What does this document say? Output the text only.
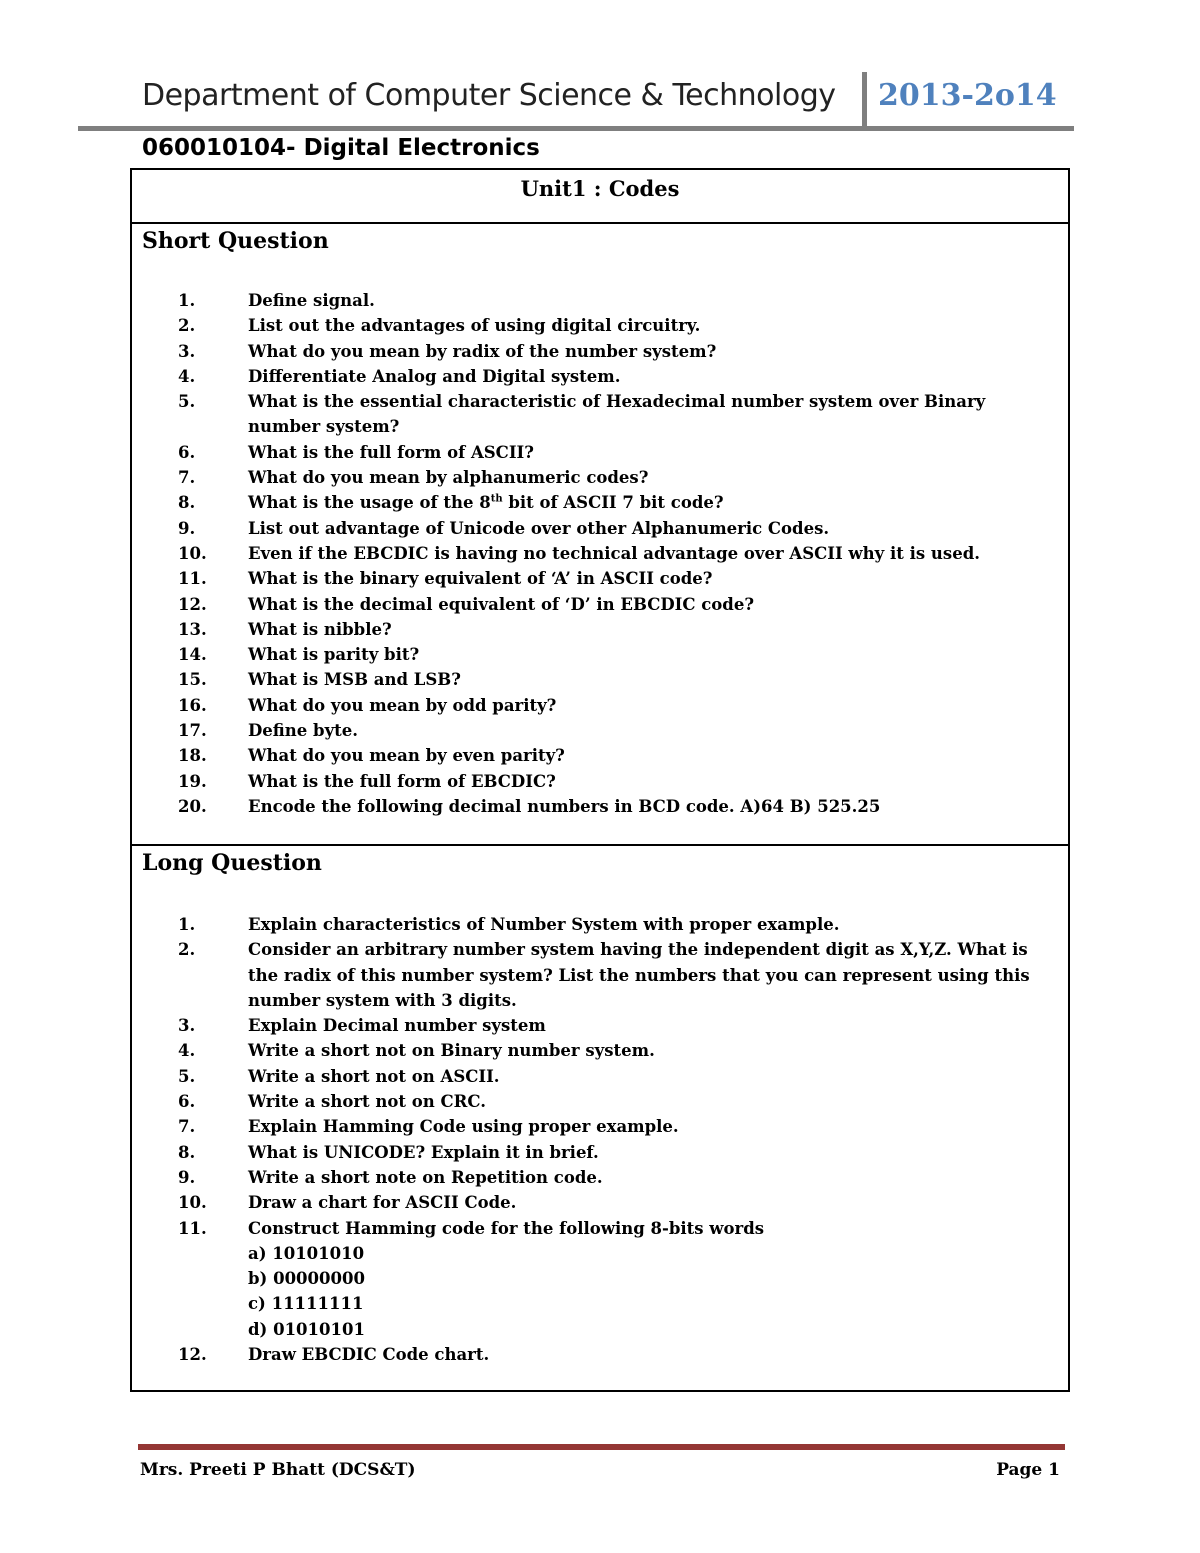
Department of Computer Science & Technology 2013-2o14
060010104- Digital Electronics
Unit1 : Codes
Short Question
1.	Define signal.
2.	List out the advantages of using digital circuitry.
3.	What do you mean by radix of the number system?
4.	Differentiate Analog and Digital system.
5.	What is the essential characteristic of Hexadecimal number system over Binary number system?
6.	What is the full form of ASCII?
7.	What do you mean by alphanumeric codes?
8.	What is the usage of the 8th bit of ASCII 7 bit code?
9.	List out advantage of Unicode over other Alphanumeric Codes.
10.	Even if the EBCDIC is having no technical advantage over ASCII why it is used.
11.	What is the binary equivalent of ‘A’ in ASCII code?
12.	What is the decimal equivalent of ‘D’ in EBCDIC code?
13.	What is nibble?
14.	What is parity bit?
15.	What is MSB and LSB?
16.	What do you mean by odd parity?
17.	Define byte.
18.	What do you mean by even parity?
19.	What is the full form of EBCDIC?
20.	Encode the following decimal numbers in BCD code. A)64 B) 525.25
Long Question
1.	Explain characteristics of Number System with proper example.
2.	Consider an arbitrary number system having the independent digit as X,Y,Z. What is the radix of this number system? List the numbers that you can represent using this number system with 3 digits.
3.	Explain Decimal number system
4.	Write a short not on Binary number system.
5.	Write a short not on ASCII.
6.	Write a short not on CRC.
7.	Explain Hamming Code using proper example.
8.	What is UNICODE? Explain it in brief.
9.	Write a short note on Repetition code.
10.	Draw a chart for ASCII Code.
11.	Construct Hamming code for the following 8-bits words
a) 10101010
b) 00000000
c) 11111111
d) 01010101
12.	Draw EBCDIC Code chart.
Mrs. Preeti P Bhatt (DCS&T)	Page 1
